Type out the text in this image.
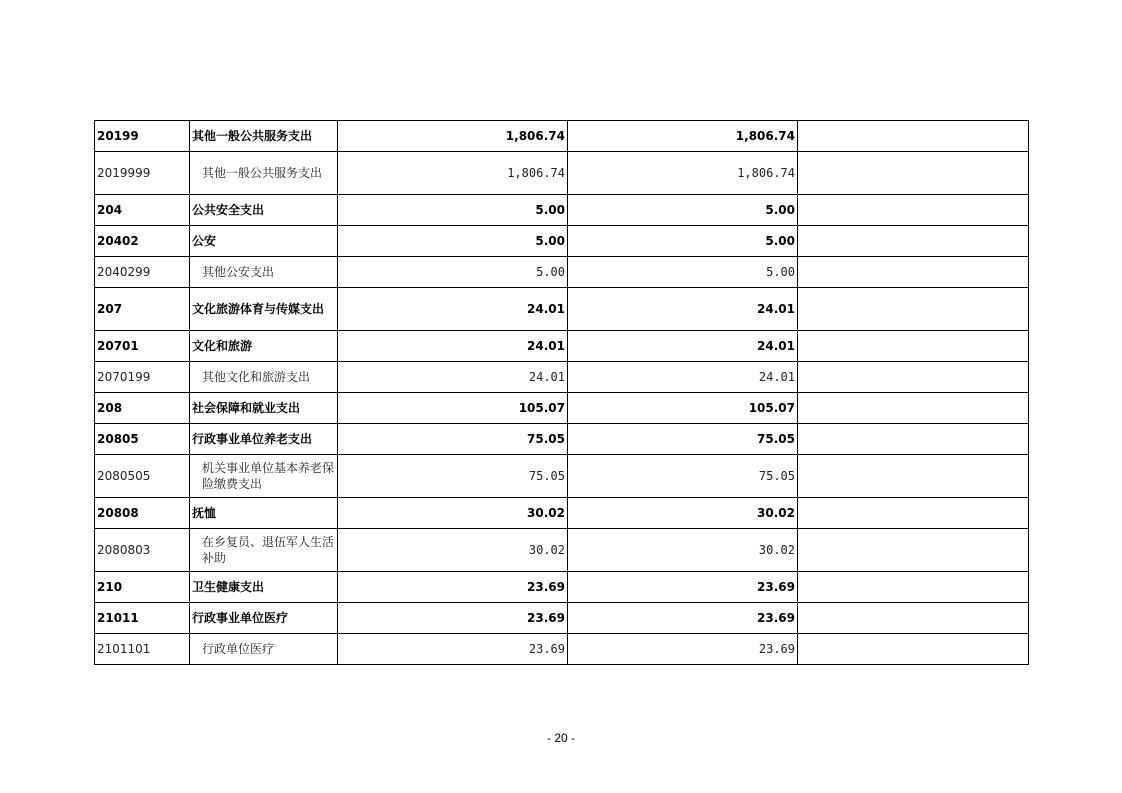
20199	其他一般公共服务支出	1,806.74	1,806.74	
2019999	其他一般公共服务支出	1,806.74	1,806.74	
204	公共安全支出	5.00	5.00	
20402	公安	5.00	5.00	
2040299	其他公安支出	5.00	5.00	
207	文化旅游体育与传媒支出	24.01	24.01	
20701	文化和旅游	24.01	24.01	
2070199	其他文化和旅游支出	24.01	24.01	
208	社会保障和就业支出	105.07	105.07	
20805	行政事业单位养老支出	75.05	75.05	
2080505	机关事业单位基本养老保险缴费支出	75.05	75.05	
20808	抚恤	30.02	30.02	
2080803	在乡复员、退伍军人生活补助	30.02	30.02	
210	卫生健康支出	23.69	23.69	
21011	行政事业单位医疗	23.69	23.69	
2101101	行政单位医疗	23.69	23.69	
- 20 -
